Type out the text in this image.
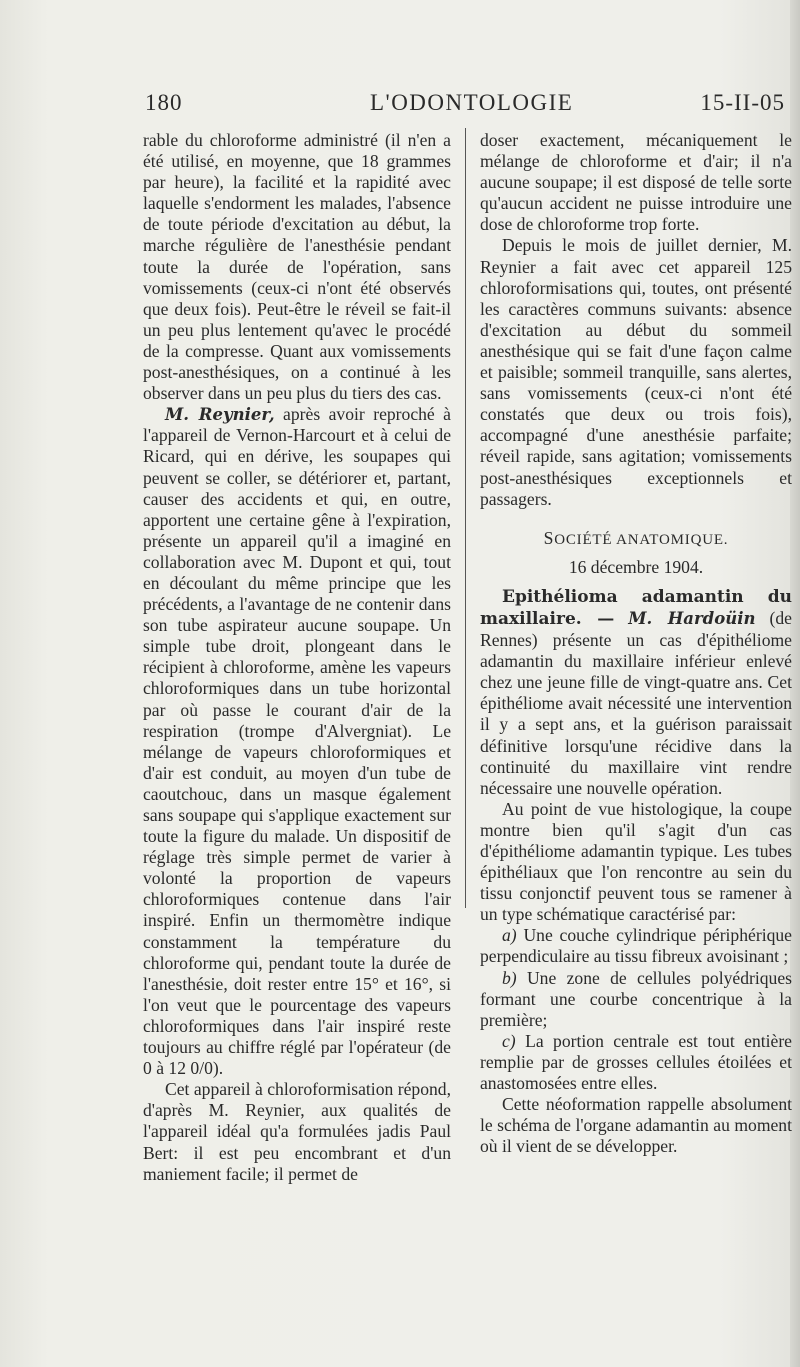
180	L'ODONTOLOGIE	15-II-05

rable du chloroforme administré (il n'en a été utilisé, en moyenne, que 18 grammes par heure), la facilité et la rapidité avec laquelle s'endorment les malades, l'absence de toute période d'excitation au début, la marche régulière de l'anesthésie pendant toute la durée de l'opération, sans vomissements (ceux-ci n'ont été observés que deux fois). Peut-être le réveil se fait-il un peu plus lentement qu'avec le procédé de la compresse. Quant aux vomissements post-anesthésiques, on a continué à les observer dans un peu plus du tiers des cas.

M. Reynier, après avoir reproché à l'appareil de Vernon-Harcourt et à celui de Ricard, qui en dérive, les soupapes qui peuvent se coller, se détériorer et, partant, causer des accidents et qui, en outre, apportent une certaine gêne à l'expiration, présente un appareil qu'il a imaginé en collaboration avec M. Dupont et qui, tout en découlant du même principe que les précédents, a l'avantage de ne contenir dans son tube aspirateur aucune soupape. Un simple tube droit, plongeant dans le récipient à chloroforme, amène les vapeurs chloroformiques dans un tube horizontal par où passe le courant d'air de la respiration (trompe d'Alvergniat). Le mélange de vapeurs chloroformiques et d'air est conduit, au moyen d'un tube de caoutchouc, dans un masque également sans soupape qui s'applique exactement sur toute la figure du malade. Un dispositif de réglage très simple permet de varier à volonté la proportion de vapeurs chloroformiques contenue dans l'air inspiré. Enfin un thermomètre indique constamment la température du chloroforme qui, pendant toute la durée de l'anesthésie, doit rester entre 15° et 16°, si l'on veut que le pourcentage des vapeurs chloroformiques dans l'air inspiré reste toujours au chiffre réglé par l'opérateur (de 0 à 12 0/0).

Cet appareil à chloroformisation répond, d'après M. Reynier, aux qualités de l'appareil idéal qu'a formulées jadis Paul Bert: il est peu encombrant et d'un maniement facile; il permet de

doser exactement, mécaniquement le mélange de chloroforme et d'air; il n'a aucune soupape; il est disposé de telle sorte qu'aucun accident ne puisse introduire une dose de chloroforme trop forte.

Depuis le mois de juillet dernier, M. Reynier a fait avec cet appareil 125 chloroformisations qui, toutes, ont présenté les caractères communs suivants: absence d'excitation au début du sommeil anesthésique qui se fait d'une façon calme et paisible; sommeil tranquille, sans alertes, sans vomissements (ceux-ci n'ont été constatés que deux ou trois fois), accompagné d'une anesthésie parfaite; réveil rapide, sans agitation; vomissements post-anesthésiques exceptionnels et passagers.

SOCIÉTÉ ANATOMIQUE.

16 décembre 1904.

Epithélioma adamantin du maxillaire. — M. Hardoüin (de Rennes) présente un cas d'épithéliome adamantin du maxillaire inférieur enlevé chez une jeune fille de vingt-quatre ans. Cet épithéliome avait nécessité une intervention il y a sept ans, et la guérison paraissait définitive lorsqu'une récidive dans la continuité du maxillaire vint rendre nécessaire une nouvelle opération.

Au point de vue histologique, la coupe montre bien qu'il s'agit d'un cas d'épithéliome adamantin typique. Les tubes épithéliaux que l'on rencontre au sein du tissu conjonctif peuvent tous se ramener à un type schématique caractérisé par:

a) Une couche cylindrique périphérique perpendiculaire au tissu fibreux avoisinant ;

b) Une zone de cellules polyédriques formant une courbe concentrique à la première;

c) La portion centrale est tout entière remplie par de grosses cellules étoilées et anastomosées entre elles.

Cette néoformation rappelle absolument le schéma de l'organe adamantin au moment où il vient de se développer.
